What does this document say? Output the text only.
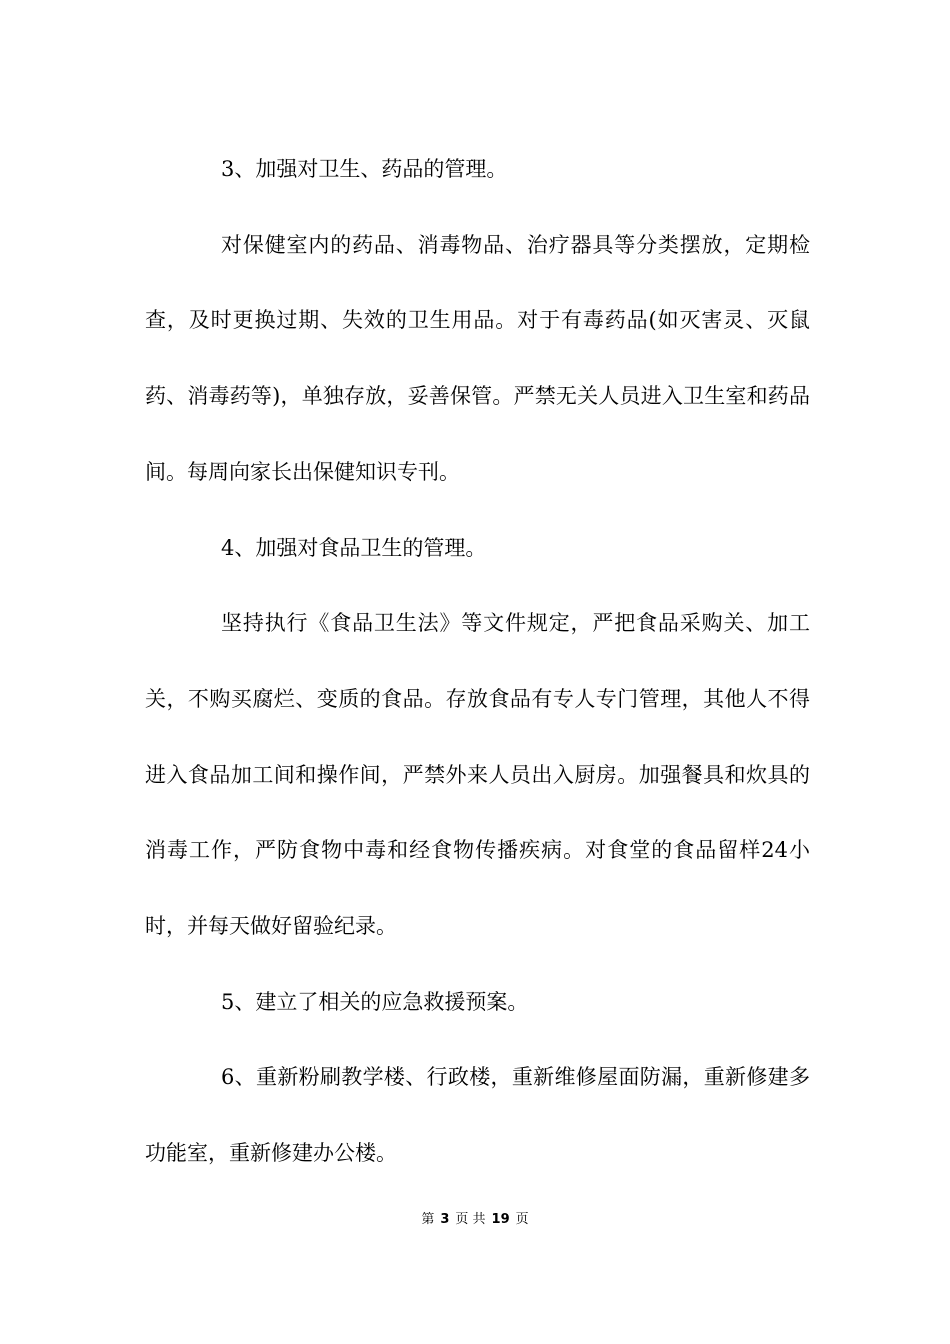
3、加强对卫生、药品的管理。

对保健室内的药品、消毒物品、治疗器具等分类摆放，定期检查，及时更换过期、失效的卫生用品。对于有毒药品(如灭害灵、灭鼠药、消毒药等)，单独存放，妥善保管。严禁无关人员进入卫生室和药品间。每周向家长出保健知识专刊。

4、加强对食品卫生的管理。

坚持执行《食品卫生法》等文件规定，严把食品采购关、加工关，不购买腐烂、变质的食品。存放食品有专人专门管理，其他人不得进入食品加工间和操作间，严禁外来人员出入厨房。加强餐具和炊具的消毒工作，严防食物中毒和经食物传播疾病。对食堂的食品留样24小时，并每天做好留验纪录。

5、建立了相关的应急救援预案。

6、重新粉刷教学楼、行政楼，重新维修屋面防漏，重新修建多功能室，重新修建办公楼。

第 3 页 共 19 页
